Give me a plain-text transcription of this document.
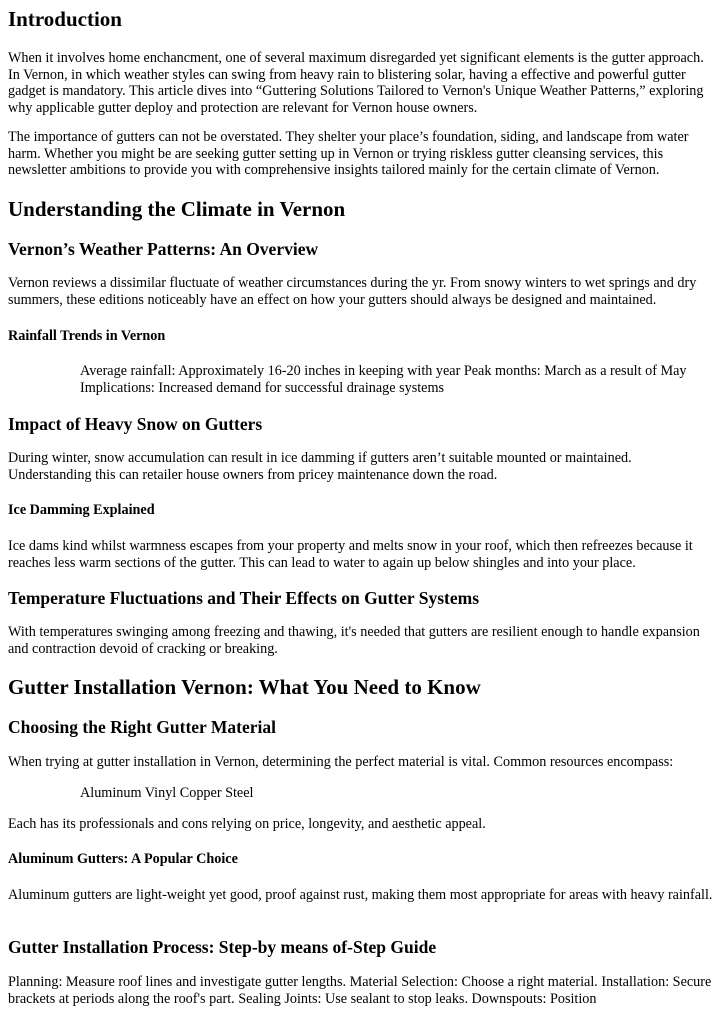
Introduction

When it involves home enchancment, one of several maximum disregarded yet significant elements is the gutter approach. In Vernon, in which weather styles can swing from heavy rain to blistering solar, having a effective and powerful gutter gadget is mandatory. This article dives into “Guttering Solutions Tailored to Vernon's Unique Weather Patterns,” exploring why applicable gutter deploy and protection are relevant for Vernon house owners.

The importance of gutters can not be overstated. They shelter your place’s foundation, siding, and landscape from water harm. Whether you might be are seeking gutter setting up in Vernon or trying riskless gutter cleansing services, this newsletter ambitions to provide you with comprehensive insights tailored mainly for the certain climate of Vernon.

Understanding the Climate in Vernon
Vernon’s Weather Patterns: An Overview

Vernon reviews a dissimilar fluctuate of weather circumstances during the yr. From snowy winters to wet springs and dry summers, these editions noticeably have an effect on how your gutters should always be designed and maintained.

Rainfall Trends in Vernon
Average rainfall: Approximately 16-20 inches in keeping with year Peak months: March as a result of May
Implications: Increased demand for successful drainage systems
Impact of Heavy Snow on Gutters

During winter, snow accumulation can result in ice damming if gutters aren’t suitable mounted or maintained. Understanding this can retailer house owners from pricey maintenance down the road.

Ice Damming Explained

Ice dams kind whilst warmness escapes from your property and melts snow in your roof, which then refreezes because it reaches less warm sections of the gutter. This can lead to water to again up below shingles and into your place.

Temperature Fluctuations and Their Effects on Gutter Systems

With temperatures swinging among freezing and thawing, it's needed that gutters are resilient enough to handle expansion and contraction devoid of cracking or breaking.

Gutter Installation Vernon: What You Need to Know
Choosing the Right Gutter Material

When trying at gutter installation in Vernon, determining the perfect material is vital. Common resources encompass:

Aluminum Vinyl Copper Steel

Each has its professionals and cons relying on price, longevity, and aesthetic appeal.

Aluminum Gutters: A Popular Choice

Aluminum gutters are light-weight yet good, proof against rust, making them most appropriate for areas with heavy rainfall.

Gutter Installation Process: Step-by means of-Step Guide

Planning: Measure roof lines and investigate gutter lengths. Material Selection: Choose a right material. Installation: Secure brackets at periods along the roof's part. Sealing Joints: Use sealant to stop leaks. Downspouts: Position
